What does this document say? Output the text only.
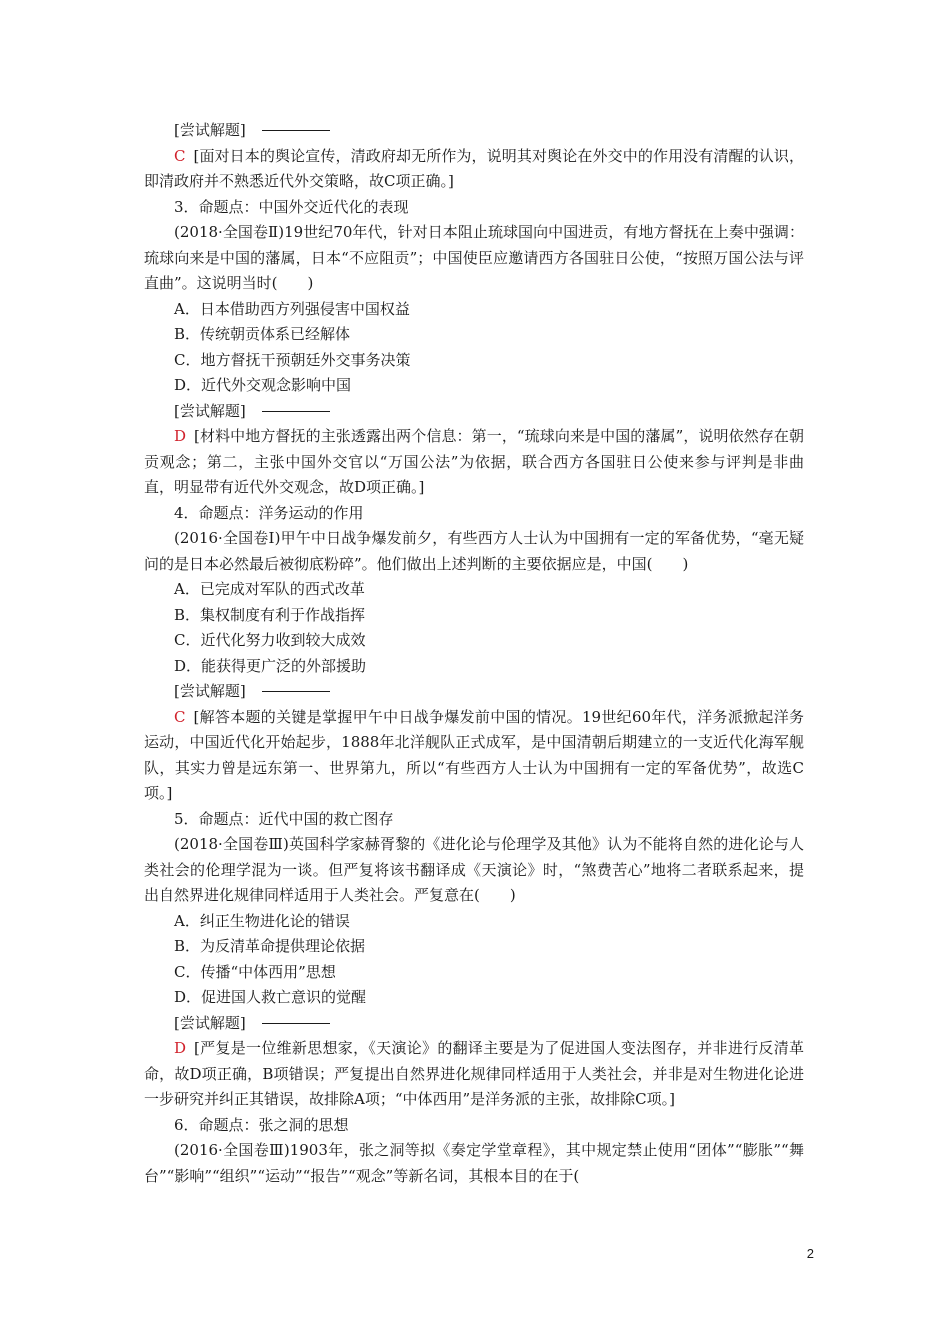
[尝试解题]
C [面对日本的舆论宣传，清政府却无所作为，说明其对舆论在外交中的作用没有清醒的认识，即清政府并不熟悉近代外交策略，故C项正确。]
3．命题点：中国外交近代化的表现
(2018·全国卷Ⅱ)19世纪70年代，针对日本阻止琉球国向中国进贡，有地方督抚在上奏中强调：琉球向来是中国的藩属，日本“不应阻贡”；中国使臣应邀请西方各国驻日公使，“按照万国公法与评直曲”。这说明当时(　　)
A．日本借助西方列强侵害中国权益
B．传统朝贡体系已经解体
C．地方督抚干预朝廷外交事务决策
D．近代外交观念影响中国
[尝试解题]
D [材料中地方督抚的主张透露出两个信息：第一，“琉球向来是中国的藩属”，说明依然存在朝贡观念；第二，主张中国外交官以“万国公法”为依据，联合西方各国驻日公使来参与评判是非曲直，明显带有近代外交观念，故D项正确。]
4．命题点：洋务运动的作用
(2016·全国卷Ⅰ)甲午中日战争爆发前夕，有些西方人士认为中国拥有一定的军备优势，“毫无疑问的是日本必然最后被彻底粉碎”。他们做出上述判断的主要依据应是，中国(　　)
A．已完成对军队的西式改革
B．集权制度有利于作战指挥
C．近代化努力收到较大成效
D．能获得更广泛的外部援助
[尝试解题]
C [解答本题的关键是掌握甲午中日战争爆发前中国的情况。19世纪60年代，洋务派掀起洋务运动，中国近代化开始起步，1888年北洋舰队正式成军，是中国清朝后期建立的一支近代化海军舰队，其实力曾是远东第一、世界第九，所以“有些西方人士认为中国拥有一定的军备优势”，故选C项。]
5．命题点：近代中国的救亡图存
(2018·全国卷Ⅲ)英国科学家赫胥黎的《进化论与伦理学及其他》认为不能将自然的进化论与人类社会的伦理学混为一谈。但严复将该书翻译成《天演论》时，“煞费苦心”地将二者联系起来，提出自然界进化规律同样适用于人类社会。严复意在(　　)
A．纠正生物进化论的错误
B．为反清革命提供理论依据
C．传播“中体西用”思想
D．促进国人救亡意识的觉醒
[尝试解题]
D [严复是一位维新思想家，《天演论》的翻译主要是为了促进国人变法图存，并非进行反清革命，故D项正确，B项错误；严复提出自然界进化规律同样适用于人类社会，并非是对生物进化论进一步研究并纠正其错误，故排除A项；“中体西用”是洋务派的主张，故排除C项。]
6．命题点：张之洞的思想
(2016·全国卷Ⅲ)1903年，张之洞等拟《奏定学堂章程》，其中规定禁止使用“团体”“膨胀”“舞台”“影响”“组织”“运动”“报告”“观念”等新名词，其根本目的在于(
2
